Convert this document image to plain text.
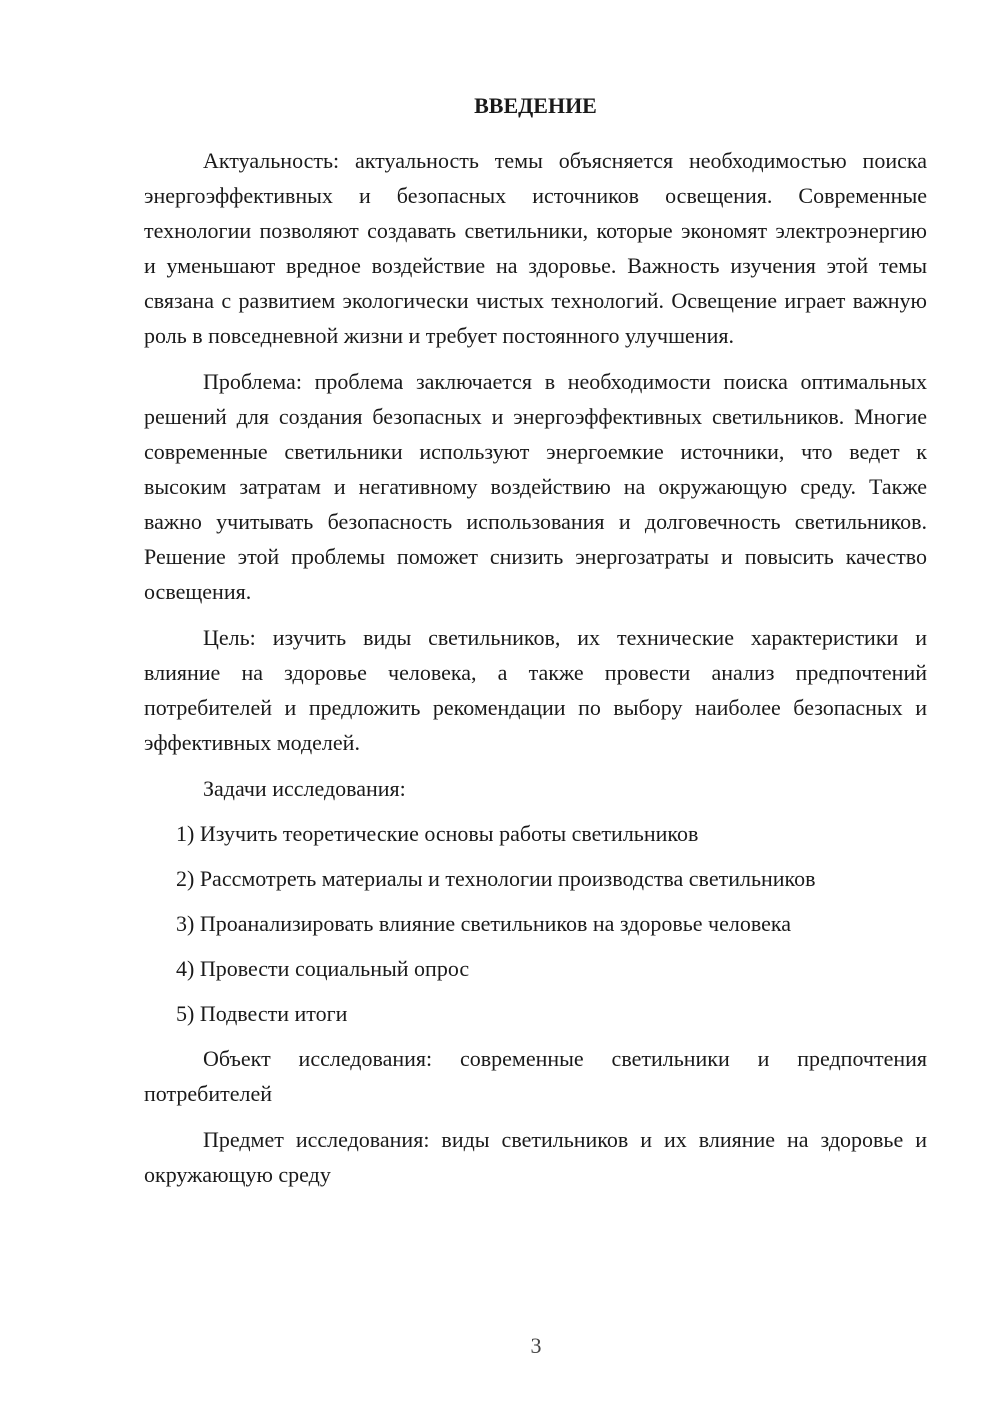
ВВЕДЕНИЕ

Актуальность: актуальность темы объясняется необходимостью поиска энергоэффективных и безопасных источников освещения. Современные технологии позволяют создавать светильники, которые экономят электроэнергию и уменьшают вредное воздействие на здоровье. Важность изучения этой темы связана с развитием экологически чистых технологий. Освещение играет важную роль в повседневной жизни и требует постоянного улучшения.

Проблема: проблема заключается в необходимости поиска оптимальных решений для создания безопасных и энергоэффективных светильников. Многие современные светильники используют энергоемкие источники, что ведет к высоким затратам и негативному воздействию на окружающую среду. Также важно учитывать безопасность использования и долговечность светильников. Решение этой проблемы поможет снизить энергозатраты и повысить качество освещения.

Цель: изучить виды светильников, их технические характеристики и влияние на здоровье человека, а также провести анализ предпочтений потребителей и предложить рекомендации по выбору наиболее безопасных и эффективных моделей.

Задачи исследования:

1) Изучить теоретические основы работы светильников
2) Рассмотреть материалы и технологии производства светильников
3) Проанализировать влияние светильников на здоровье человека
4) Провести социальный опрос
5) Подвести итоги

Объект исследования: современные светильники и предпочтения потребителей

Предмет исследования: виды светильников и их влияние на здоровье и окружающую среду

3
